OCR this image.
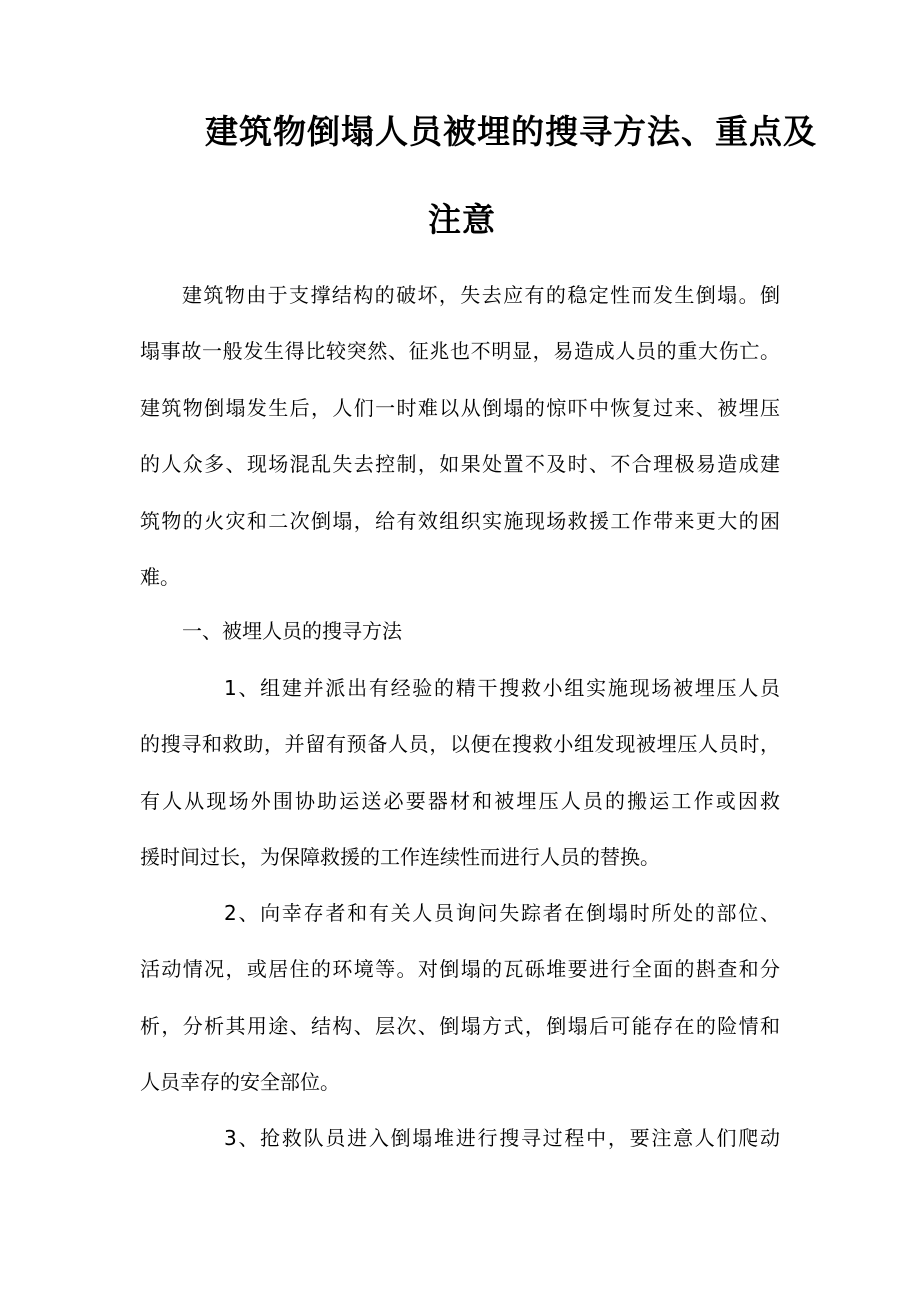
建筑物倒塌人员被埋的搜寻方法、重点及
注意

建筑物由于支撑结构的破坏，失去应有的稳定性而发生倒塌。倒

塌事故一般发生得比较突然、征兆也不明显，易造成人员的重大伤亡。

建筑物倒塌发生后，人们一时难以从倒塌的惊吓中恢复过来、被埋压

的人众多、现场混乱失去控制，如果处置不及时、不合理极易造成建

筑物的火灾和二次倒塌，给有效组织实施现场救援工作带来更大的困

难。

一、被埋人员的搜寻方法

1、组建并派出有经验的精干搜救小组实施现场被埋压人员

的搜寻和救助，并留有预备人员，以便在搜救小组发现被埋压人员时，

有人从现场外围协助运送必要器材和被埋压人员的搬运工作或因救

援时间过长，为保障救援的工作连续性而进行人员的替换。

2、向幸存者和有关人员询问失踪者在倒塌时所处的部位、

活动情况，或居住的环境等。对倒塌的瓦砾堆要进行全面的斟查和分

析，分析其用途、结构、层次、倒塌方式，倒塌后可能存在的险情和

人员幸存的安全部位。

3、抢救队员进入倒塌堆进行搜寻过程中，要注意人们爬动
